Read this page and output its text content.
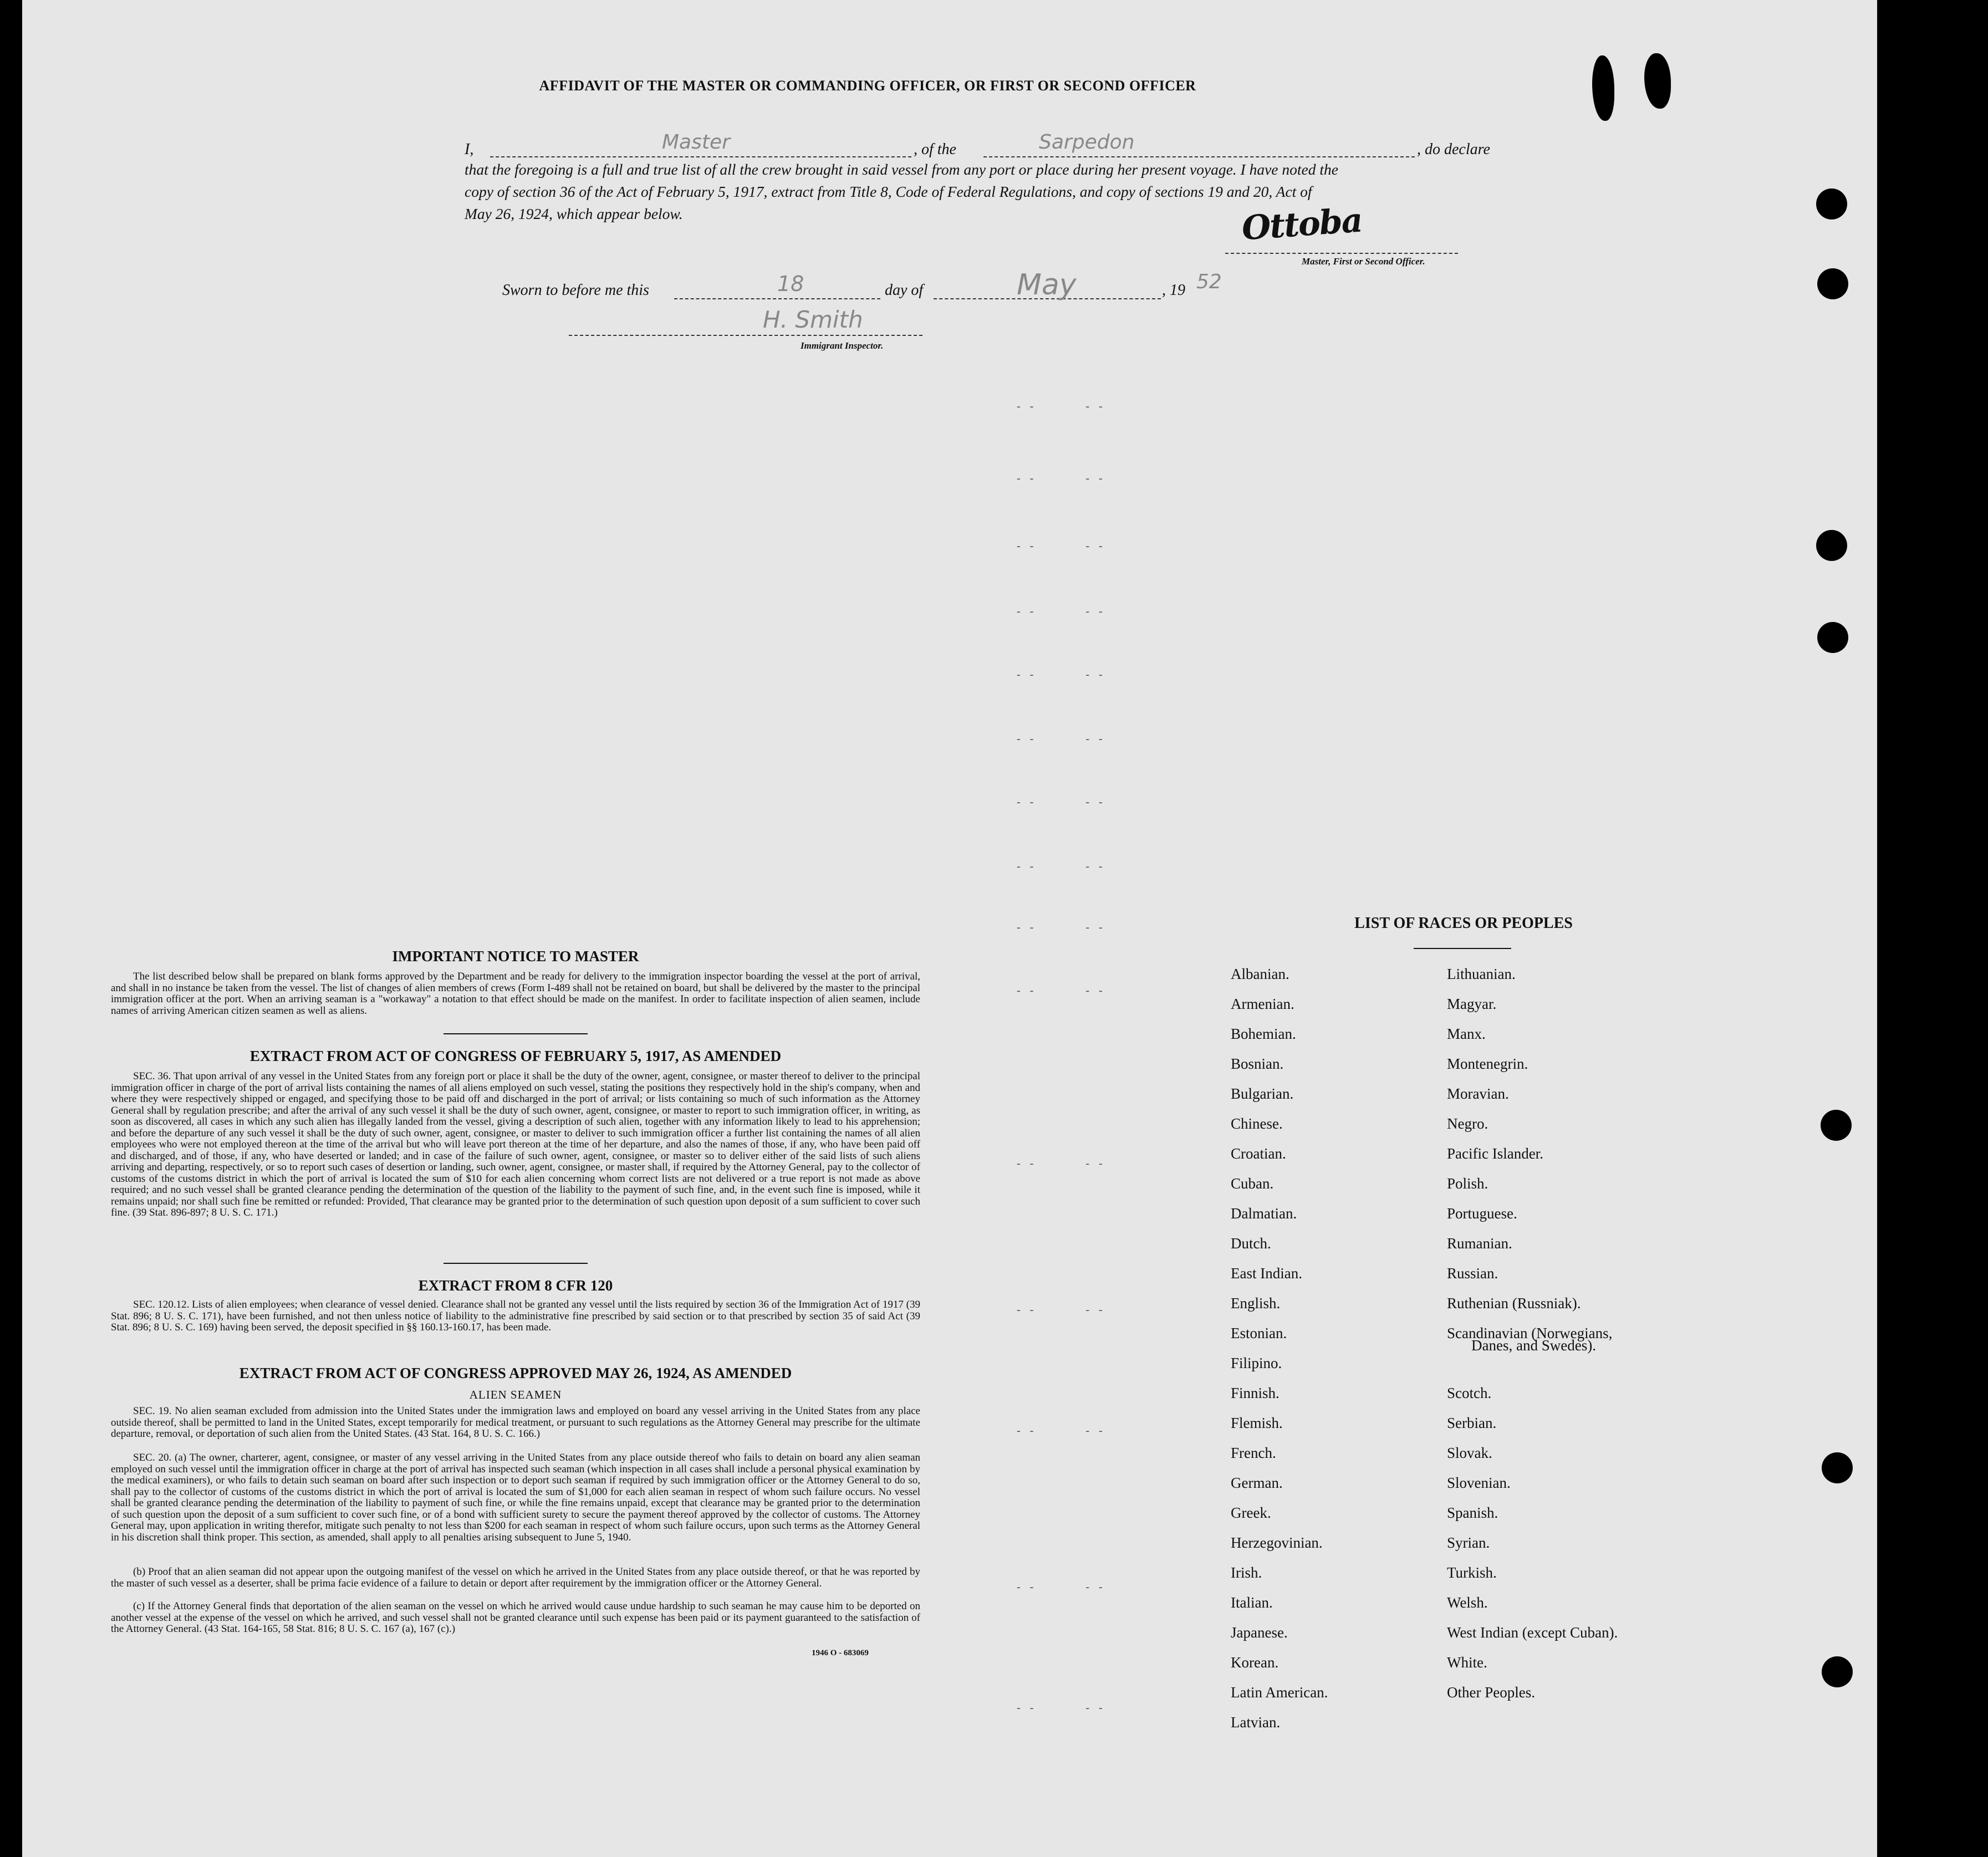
AFFIDAVIT OF THE MASTER OR COMMANDING OFFICER, OR FIRST OR SECOND OFFICER
I,	Master	, of the	Sarpedon	, do declare
that the foregoing is a full and true list of all the crew brought in said vessel from any port or place during her present voyage. I have noted the
copy of section 36 of the Act of February 5, 1917, extract from Title 8, Code of Federal Regulations, and copy of sections 19 and 20, Act of
May 26, 1924, which appear below.	Ottoba
Master, First or Second Officer.
Sworn to before me this	18	day of	May	, 19 52
H. Smith
Immigrant Inspector.
- -        - -
- -        - -
- -        - -
- -        - -
- -        - -
- -        - -
- -        - -
- -        - -
- -        - -
- -        - -
- -        - -
- -        - -
- -        - -
- -        - -
- -        - -
IMPORTANT NOTICE TO MASTER
The list described below shall be prepared on blank forms approved by the Department and be ready for delivery to the immigration inspector boarding the vessel at the port of arrival, and shall in no instance be taken from the vessel. The list of changes of alien members of crews (Form I-489 shall not be retained on board, but shall be delivered by the master to the principal immigration officer at the port. When an arriving seaman is a "workaway" a notation to that effect should be made on the manifest. In order to facilitate inspection of alien seamen, include names of arriving American citizen seamen as well as aliens.
EXTRACT FROM ACT OF CONGRESS OF FEBRUARY 5, 1917, AS AMENDED
SEC. 36. That upon arrival of any vessel in the United States from any foreign port or place it shall be the duty of the owner, agent, consignee, or master thereof to deliver to the principal immigration officer in charge of the port of arrival lists containing the names of all aliens employed on such vessel, stating the positions they respectively hold in the ship's company, when and where they were respectively shipped or engaged, and specifying those to be paid off and discharged in the port of arrival; or lists containing so much of such information as the Attorney General shall by regulation prescribe; and after the arrival of any such vessel it shall be the duty of such owner, agent, consignee, or master to report to such immigration officer, in writing, as soon as discovered, all cases in which any such alien has illegally landed from the vessel, giving a description of such alien, together with any information likely to lead to his apprehension; and before the departure of any such vessel it shall be the duty of such owner, agent, consignee, or master to deliver to such immigration officer a further list containing the names of all alien employees who were not employed thereon at the time of the arrival but who will leave port thereon at the time of her departure, and also the names of those, if any, who have been paid off and discharged, and of those, if any, who have deserted or landed; and in case of the failure of such owner, agent, consignee, or master so to deliver either of the said lists of such aliens arriving and departing, respectively, or so to report such cases of desertion or landing, such owner, agent, consignee, or master shall, if required by the Attorney General, pay to the collector of customs of the customs district in which the port of arrival is located the sum of $10 for each alien concerning whom correct lists are not delivered or a true report is not made as above required; and no such vessel shall be granted clearance pending the determination of the question of the liability to the payment of such fine, and, in the event such fine is imposed, while it remains unpaid; nor shall such fine be remitted or refunded: Provided, That clearance may be granted prior to the determination of such question upon deposit of a sum sufficient to cover such fine. (39 Stat. 896-897; 8 U. S. C. 171.)
EXTRACT FROM 8 CFR 120
SEC. 120.12. Lists of alien employees; when clearance of vessel denied. Clearance shall not be granted any vessel until the lists required by section 36 of the Immigration Act of 1917 (39 Stat. 896; 8 U. S. C. 171), have been furnished, and not then unless notice of liability to the administrative fine prescribed by said section or to that prescribed by section 35 of said Act (39 Stat. 896; 8 U. S. C. 169) having been served, the deposit specified in §§ 160.13-160.17, has been made.
EXTRACT FROM ACT OF CONGRESS APPROVED MAY 26, 1924, AS AMENDED
ALIEN SEAMEN
SEC. 19. No alien seaman excluded from admission into the United States under the immigration laws and employed on board any vessel arriving in the United States from any place outside thereof, shall be permitted to land in the United States, except temporarily for medical treatment, or pursuant to such regulations as the Attorney General may prescribe for the ultimate departure, removal, or deportation of such alien from the United States. (43 Stat. 164, 8 U. S. C. 166.)
SEC. 20. (a) The owner, charterer, agent, consignee, or master of any vessel arriving in the United States from any place outside thereof who fails to detain on board any alien seaman employed on such vessel until the immigration officer in charge at the port of arrival has inspected such seaman (which inspection in all cases shall include a personal physical examination by the medical examiners), or who fails to detain such seaman on board after such inspection or to deport such seaman if required by such immigration officer or the Attorney General to do so, shall pay to the collector of customs of the customs district in which the port of arrival is located the sum of $1,000 for each alien seaman in respect of whom such failure occurs. No vessel shall be granted clearance pending the determination of the liability to payment of such fine, or while the fine remains unpaid, except that clearance may be granted prior to the determination of such question upon the deposit of a sum sufficient to cover such fine, or of a bond with sufficient surety to secure the payment thereof approved by the collector of customs. The Attorney General may, upon application in writing therefor, mitigate such penalty to not less than $200 for each seaman in respect of whom such failure occurs, upon such terms as the Attorney General in his discretion shall think proper. This section, as amended, shall apply to all penalties arising subsequent to June 5, 1940.
(b) Proof that an alien seaman did not appear upon the outgoing manifest of the vessel on which he arrived in the United States from any place outside thereof, or that he was reported by the master of such vessel as a deserter, shall be prima facie evidence of a failure to detain or deport after requirement by the immigration officer or the Attorney General.
(c) If the Attorney General finds that deportation of the alien seaman on the vessel on which he arrived would cause undue hardship to such seaman he may cause him to be deported on another vessel at the expense of the vessel on which he arrived, and such vessel shall not be granted clearance until such expense has been paid or its payment guaranteed to the satisfaction of the Attorney General. (43 Stat. 164-165, 58 Stat. 816; 8 U. S. C. 167 (a), 167 (c).)
1946 O - 683069
LIST OF RACES OR PEOPLES
Albanian.
Armenian.
Bohemian.
Bosnian.
Bulgarian.
Chinese.
Croatian.
Cuban.
Dalmatian.
Dutch.
East Indian.
English.
Estonian.
Filipino.
Finnish.
Flemish.
French.
German.
Greek.
Herzegovinian.
Irish.
Italian.
Japanese.
Korean.
Latin American.
Latvian.
Lithuanian.
Magyar.
Manx.
Montenegrin.
Moravian.
Negro.
Pacific Islander.
Polish.
Portuguese.
Rumanian.
Russian.
Ruthenian (Russniak).
Scandinavian (Norwegians,
Danes, and Swedes).
Scotch.
Serbian.
Slovak.
Slovenian.
Spanish.
Syrian.
Turkish.
Welsh.
West Indian (except Cuban).
White.
Other Peoples.
